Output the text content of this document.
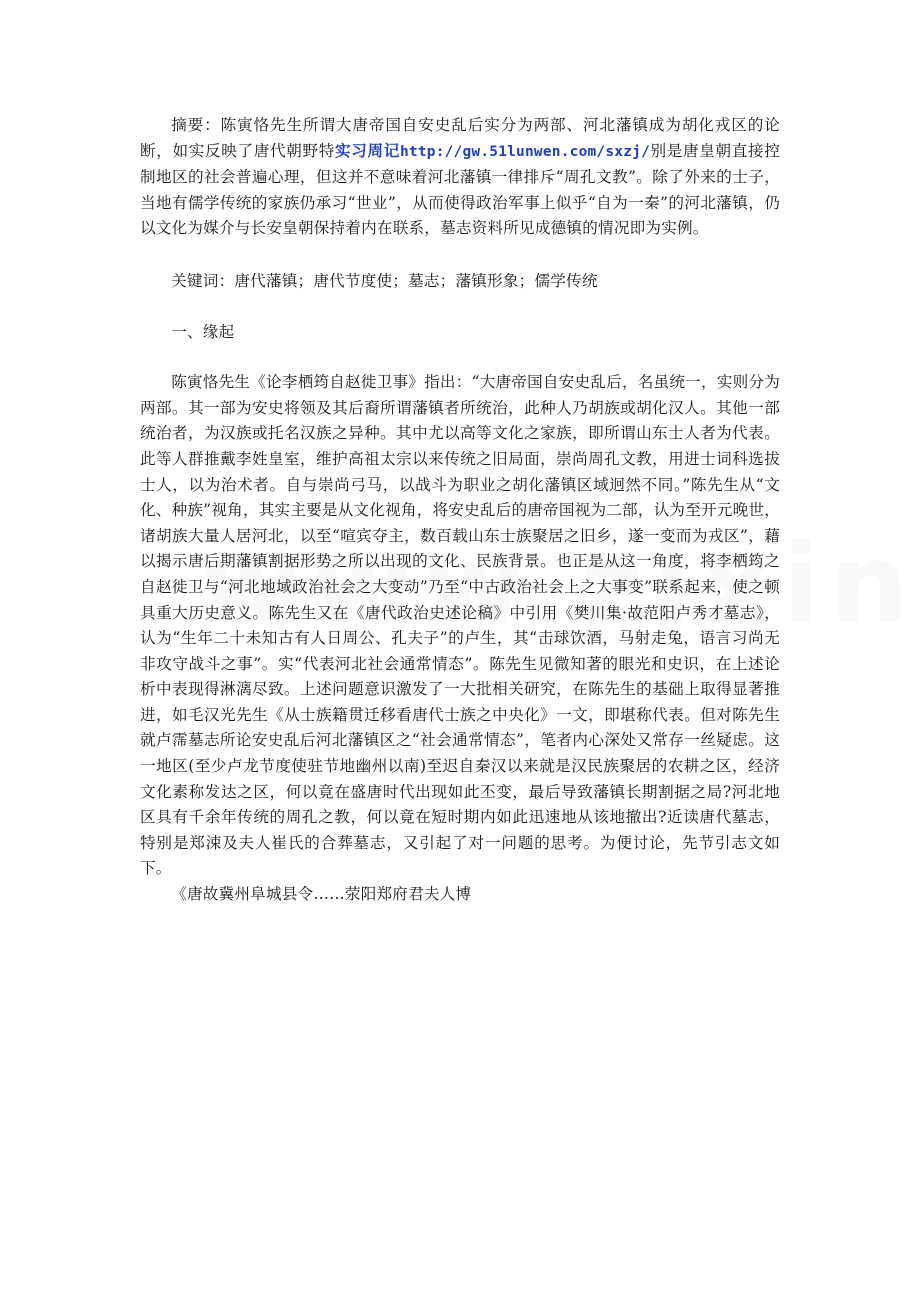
摘要：陈寅恪先生所谓大唐帝国自安史乱后实分为两部、河北藩镇成为胡化戎区的论断，如实反映了唐代朝野特实习周记http://gw.51lunwen.com/sxzj/别是唐皇朝直接控制地区的社会普遍心理，但这并不意味着河北藩镇一律排斥“周孔文教”。除了外来的士子，当地有儒学传统的家族仍承习“世业”，从而使得政治军事上似乎“自为一秦”的河北藩镇，仍以文化为媒介与长安皇朝保持着内在联系，墓志资料所见成德镇的情况即为实例。

关键词：唐代藩镇；唐代节度使；墓志；藩镇形象；儒学传统

一、缘起

陈寅恪先生《论李栖筠自赵徙卫事》指出：“大唐帝国自安史乱后，名虽统一，实则分为两部。其一部为安史将领及其后裔所谓藩镇者所统治，此种人乃胡族或胡化汉人。其他一部统治者，为汉族或托名汉族之异种。其中尤以高等文化之家族，即所谓山东士人者为代表。此等人群推戴李姓皇室，维护高祖太宗以来传统之旧局面，崇尚周孔文教，用进士词科选拔士人，以为治术者。自与崇尚弓马，以战斗为职业之胡化藩镇区域迥然不同。”陈先生从“文化、种族”视角，其实主要是从文化视角，将安史乱后的唐帝国视为二部，认为至开元晚世，诸胡族大量人居河北，以至“喧宾夺主，数百载山东士族聚居之旧乡，遂一变而为戎区”，藉以揭示唐后期藩镇割据形势之所以出现的文化、民族背景。也正是从这一角度，将李栖筠之自赵徙卫与“河北地域政治社会之大变动”乃至“中古政治社会上之大事变”联系起来，使之顿具重大历史意义。陈先生又在《唐代政治史述论稿》中引用《樊川集·故范阳卢秀才墓志》，认为“生年二十未知古有人日周公、孔夫子”的卢生，其“击球饮酒，马射走兔，语言习尚无非攻守战斗之事”。实“代表河北社会通常情态”。陈先生见微知著的眼光和史识，在上述论析中表现得淋漓尽致。上述问题意识激发了一大批相关研究，在陈先生的基础上取得显著推进，如毛汉光先生《从士族籍贯迁移看唐代士族之中央化》一文，即堪称代表。但对陈先生就卢霈墓志所论安史乱后河北藩镇区之“社会通常情态”，笔者内心深处又常存一丝疑虑。这一地区(至少卢龙节度使驻节地幽州以南)至迟自秦汉以来就是汉民族聚居的农耕之区，经济文化素称发达之区，何以竟在盛唐时代出现如此丕变，最后导致藩镇长期割据之局?河北地区具有千余年传统的周孔之教，何以竟在短时期内如此迅速地从该地撤出?近读唐代墓志，特别是郑涑及夫人崔氏的合葬墓志，又引起了对一问题的思考。为便讨论，先节引志文如下。

《唐故冀州阜城县令……荥阳郑府君夫人博
